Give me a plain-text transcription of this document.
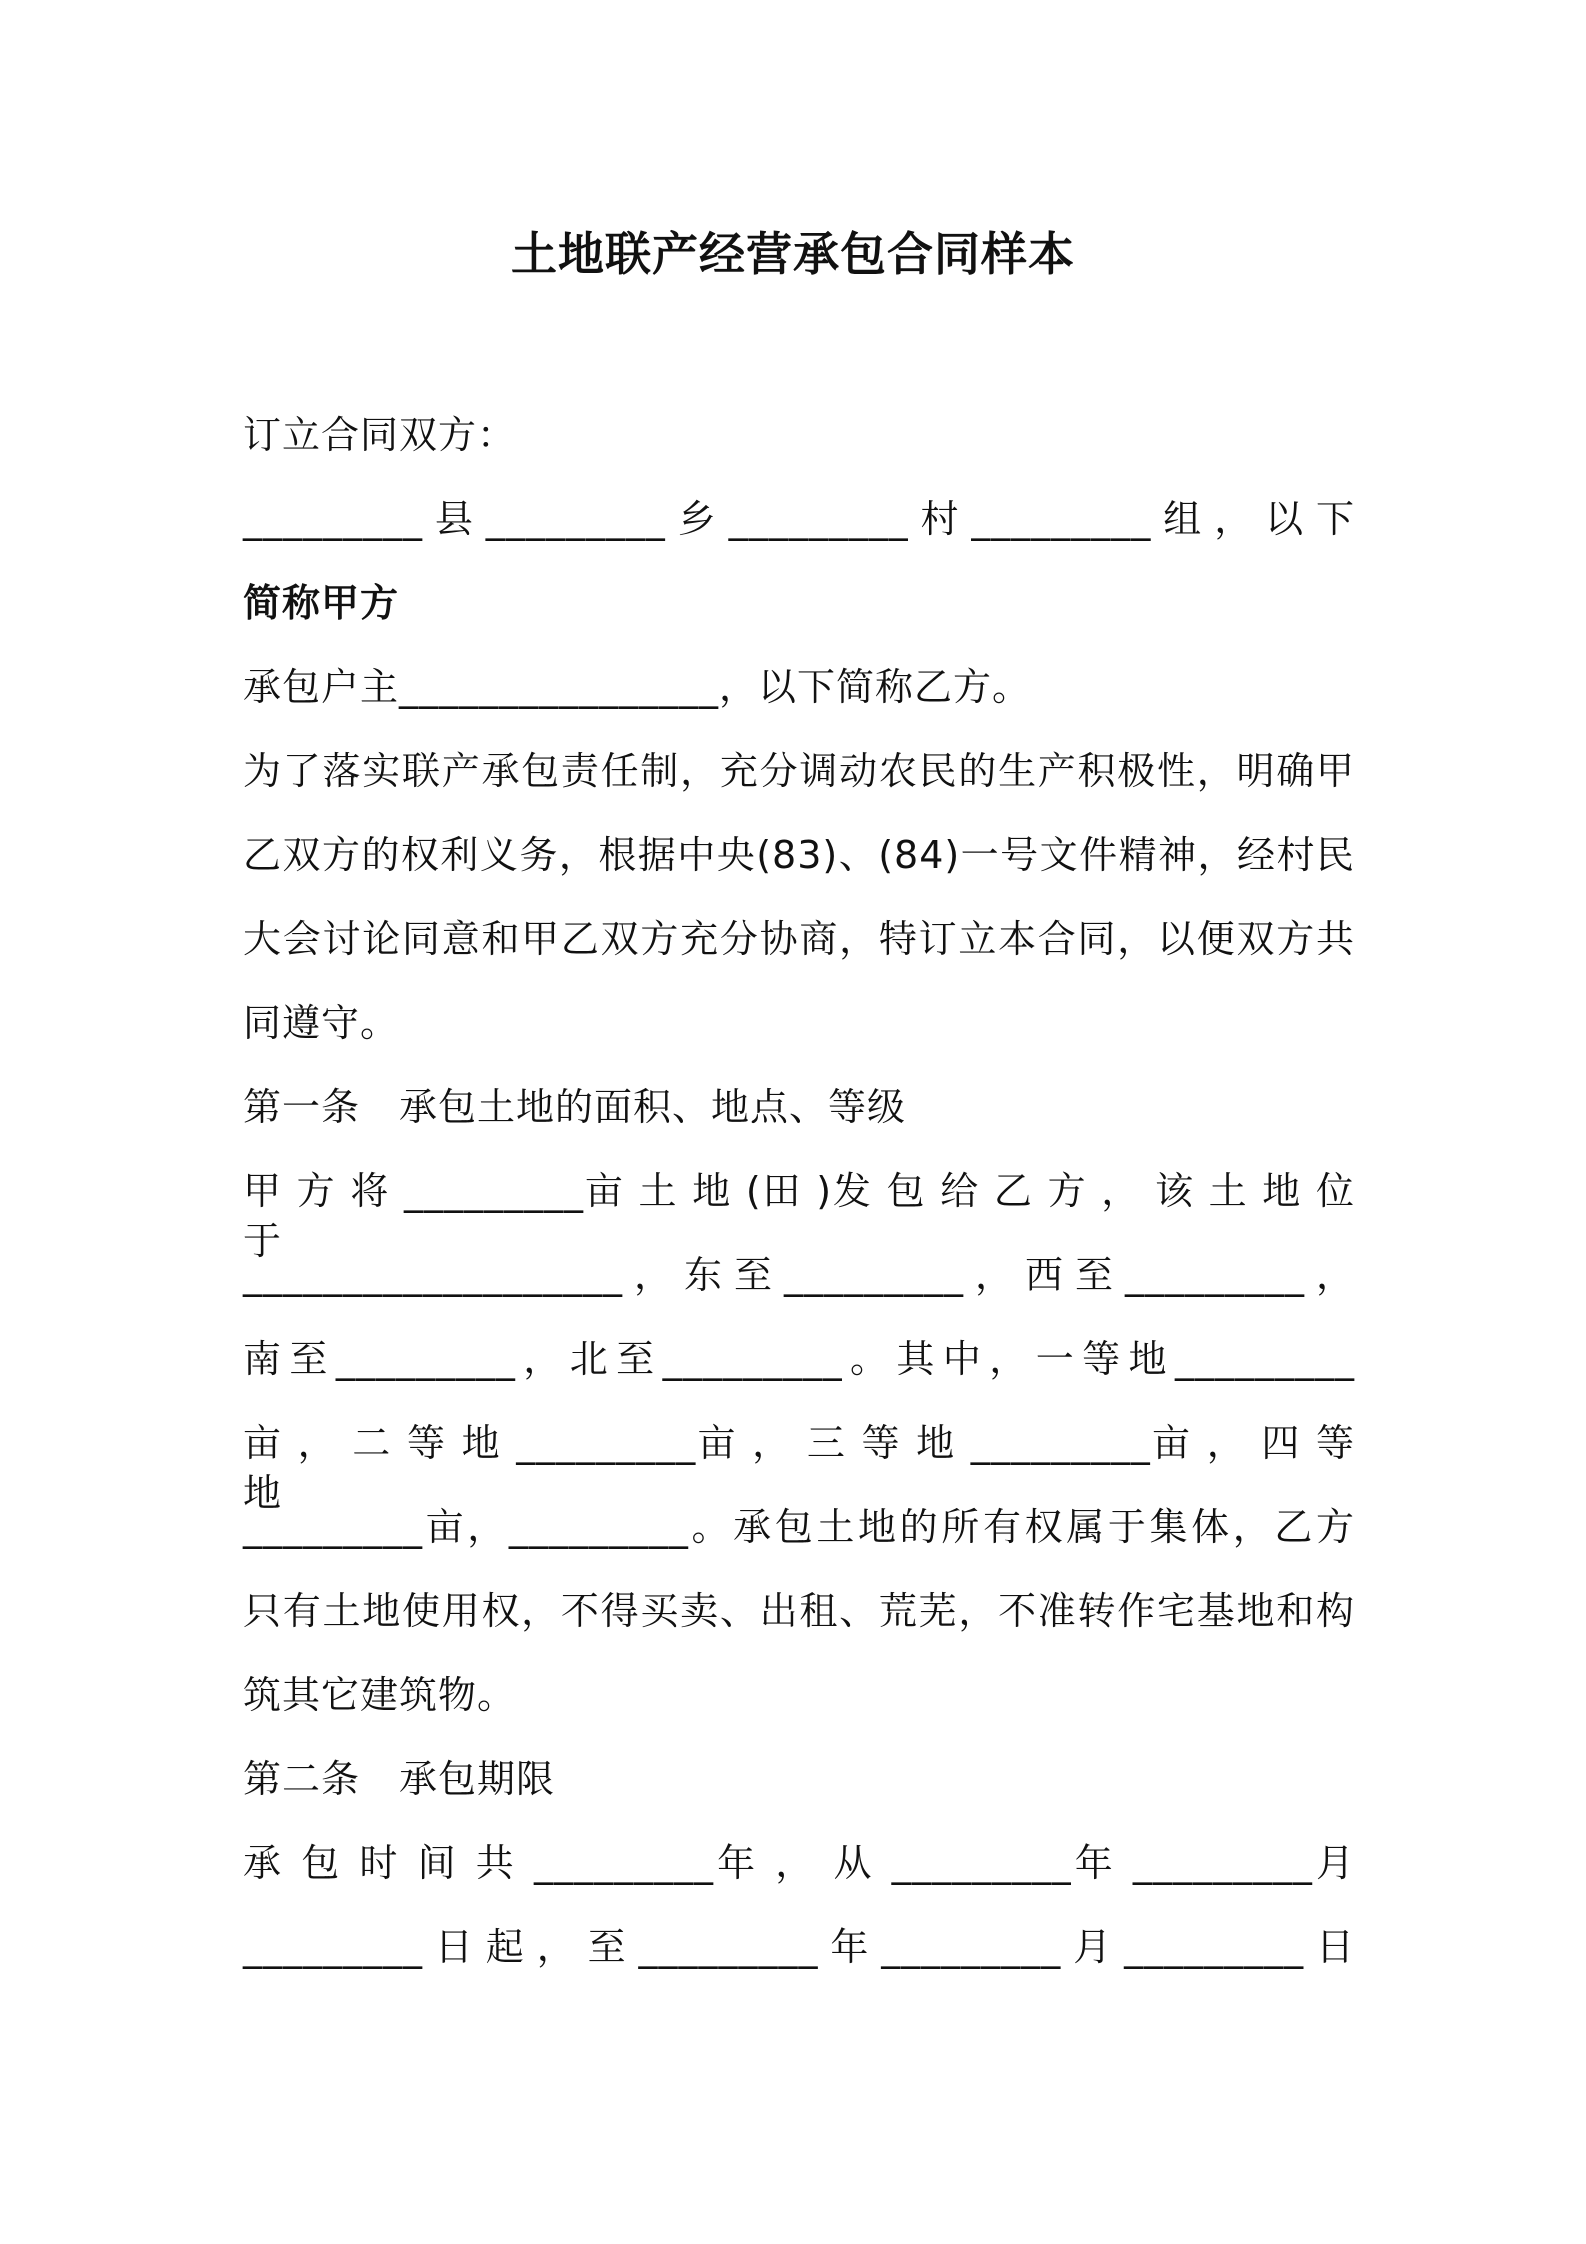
土地联产经营承包合同样本
订立合同双方：
_________县_________乡_________村_________组，以下
简称甲方
承包户主________________，以下简称乙方。
为了落实联产承包责任制，充分调动农民的生产积极性，明确甲
乙双方的权利义务，根据中央(83)、(84)一号文件精神，经村民
大会讨论同意和甲乙双方充分协商，特订立本合同，以便双方共
同遵守。
第一条　承包土地的面积、地点、等级
甲 方 将 _________亩 土 地 (田 )发 包 给 乙 方 ， 该 土 地 位 于
___________________，东至_________，西至_________，
南至_________，北至_________。其中，一等地_________
亩 ， 二 等 地 _________亩 ， 三 等 地 _________亩 ， 四 等 地
_________亩，_________。承包土地的所有权属于集体，乙方
只有土地使用权，不得买卖、出租、荒芜，不准转作宅基地和构
筑其它建筑物。
第二条　承包期限
承 包 时 间 共 _________年 ， 从 _________年 _________月
_________日起，至_________年_________月_________日
